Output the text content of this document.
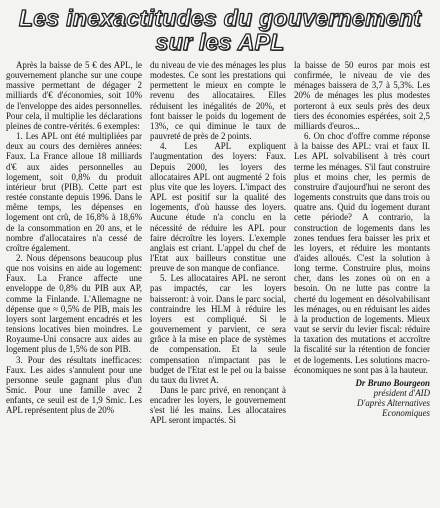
Les inexactitudes du gouvernement
sur les APL

Après la baisse de 5 € des APL, le gouvernement planche sur une coupe massive permettant de dégager 2 milliards d'€ d'économies, soit 10% de l'enveloppe des aides personnelles. Pour cela, il multiplie les déclarations pleines de contre-vérités. 6 exemples:

1. Les APL ont été multipliées par deux au cours des dernières années: Faux. La France alloue 18 milliards d'€ aux aides personnelles au logement, soit 0,8% du produit intérieur brut (PIB). Cette part est restée constante depuis 1996. Dans le même temps, les dépenses en logement ont crû, de 16,8% à 18,6% de la consommation en 20 ans, et le nombre d'allocataires n'a cessé de croître également.

2. Nous dépensons beaucoup plus que nos voisins en aide au logement: Faux. La France affecte une enveloppe de 0,8% du PIB aux AP, comme la Finlande. L'Allemagne ne dépense que ≈ 0,5% de PIB, mais les loyers sont largement encadrés et les tensions locatives bien moindres. Le Royaume-Uni consacre aux aides au logement plus de 1,5% de son PIB.

3. Pour des résultats inefficaces: Faux. Les aides s'annulent pour une personne seule gagnant plus d'un Smic. Pour une famille avec 2 enfants, ce seuil est de 1,9 Smic. Les APL représentent plus de 20%

du niveau de vie des ménages les plus modestes. Ce sont les prestations qui permettent le mieux en compte le revenu des allocataires. Elles réduisent les inégalités de 20%, et font baisser le poids du logement de 13%, ce qui diminue le taux de pauvreté de près de 2 points.

4. Les APL expliquent l'augmentation des loyers: Faux. Depuis 2000, les loyers des allocataires APL ont augmenté 2 fois plus vite que les loyers. L'impact des APL est positif sur la qualité des logements, d'où hausse des loyers. Aucune étude n'a conclu en la nécessité de réduire les APL pour faire décroître les loyers. L'exemple anglais est criant. L'appel du chef de l'Etat aux bailleurs constitue une preuve de son manque de confiance.

5. Les allocataires APL ne seront pas impactés, car les loyers baisseront: à voir. Dans le parc social, contraindre les HLM à réduire les loyers est compliqué. Si le gouvernement y parvient, ce sera grâce à la mise en place de systèmes de compensation. Et la seule compensation n'impactant pas le budget de l'Etat est le pel ou la baisse du taux du livret A.

Dans le parc privé, en renonçant à encadrer les loyers, le gouvernement s'est lié les mains. Les allocataires APL seront impactés. Si

la baisse de 50 euros par mois est confirmée, le niveau de vie des ménages baissera de 3,7 à 5,3%. Les 20% de ménages les plus modestes porteront à eux seuls près des deux tiers des économies espérées, soit 2,5 milliards d'euros...

6. On choc d'offre comme réponse à la baisse des APL: vrai et faux II. Les APL solvabilisent à très court terme les ménages. S'il faut construire plus et moins cher, les permis de construire d'aujourd'hui ne seront des logements construits que dans trois ou quatre ans. Quid du logement durant cette période? A contrario, la construction de logements dans les zones tendues fera baisser les prix et les loyers, et réduire les montants d'aides alloués. C'est la solution à long terme. Construire plus, moins cher, dans les zones où on en a besoin. On ne lutte pas contre la cherté du logement en désolvabilisant les ménages, ou en réduisant les aides à la production de logements. Mieux vaut se servir du levier fiscal: réduire la taxation des mutations et accroître la fiscalité sur la rétention de foncier et de logements. Les solutions macro-économiques ne sont pas à la hauteur.

Dr Bruno Bourgeon
président d'AID
D'après Alternatives
Economiques
